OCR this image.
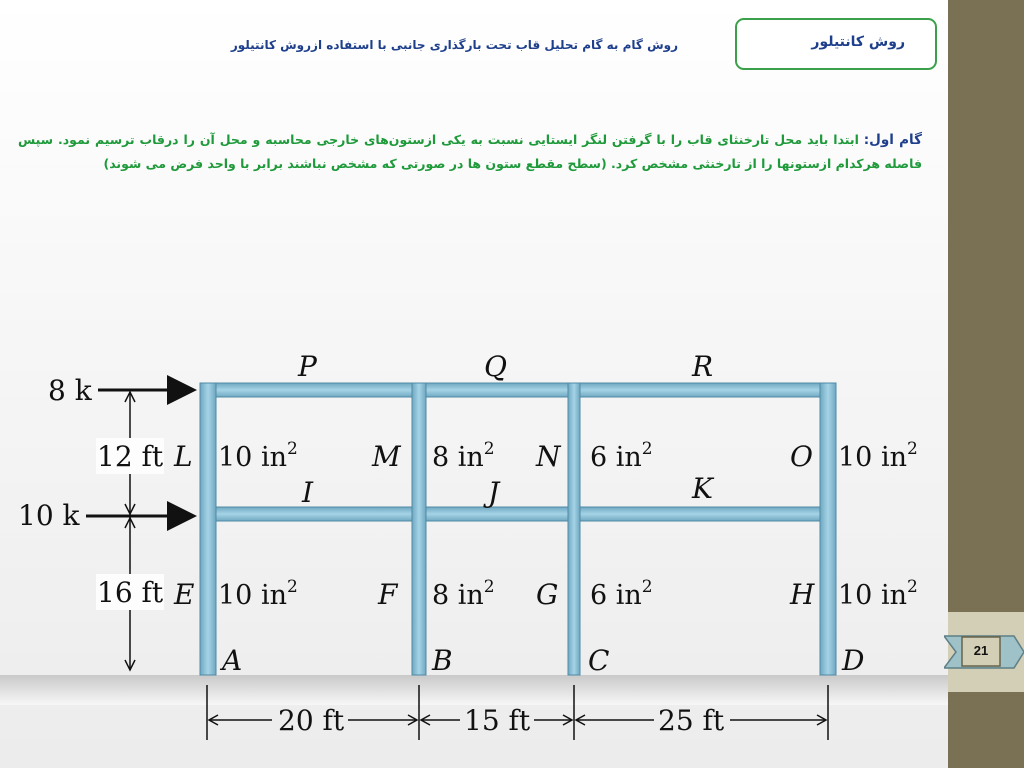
21
روش کانتیلور
روش گام به گام تحلیل قاب تحت بارگذاری جانبی با استفاده ازروش کانتیلور
گام اول: ابتدا باید محل تارخنثای قاب را با گرفتن لنگر ایستایی نسبت به یکی ازستون‌های خارجی محاسبه و محل آن را درقاب ترسیم نمود. سپس فاصله هرکدام ازستونها را از تارخنثی مشخص کرد. (سطح مقطع ستون ها در صورتی که مشخص نباشند برابر با واحد فرض می شوند)
8 k
10 k
12 ft
16 ft
P	Q	R
L	M	N	O
I	J	K
E	F	G	H
A	B	C	D
10 $in^2$	8 $in^2$	6 $in^2$	10 $in^2$
10 $in^2$	8 $in^2$	6 $in^2$	10 $in^2$
20 ft	15 ft	25 ft
